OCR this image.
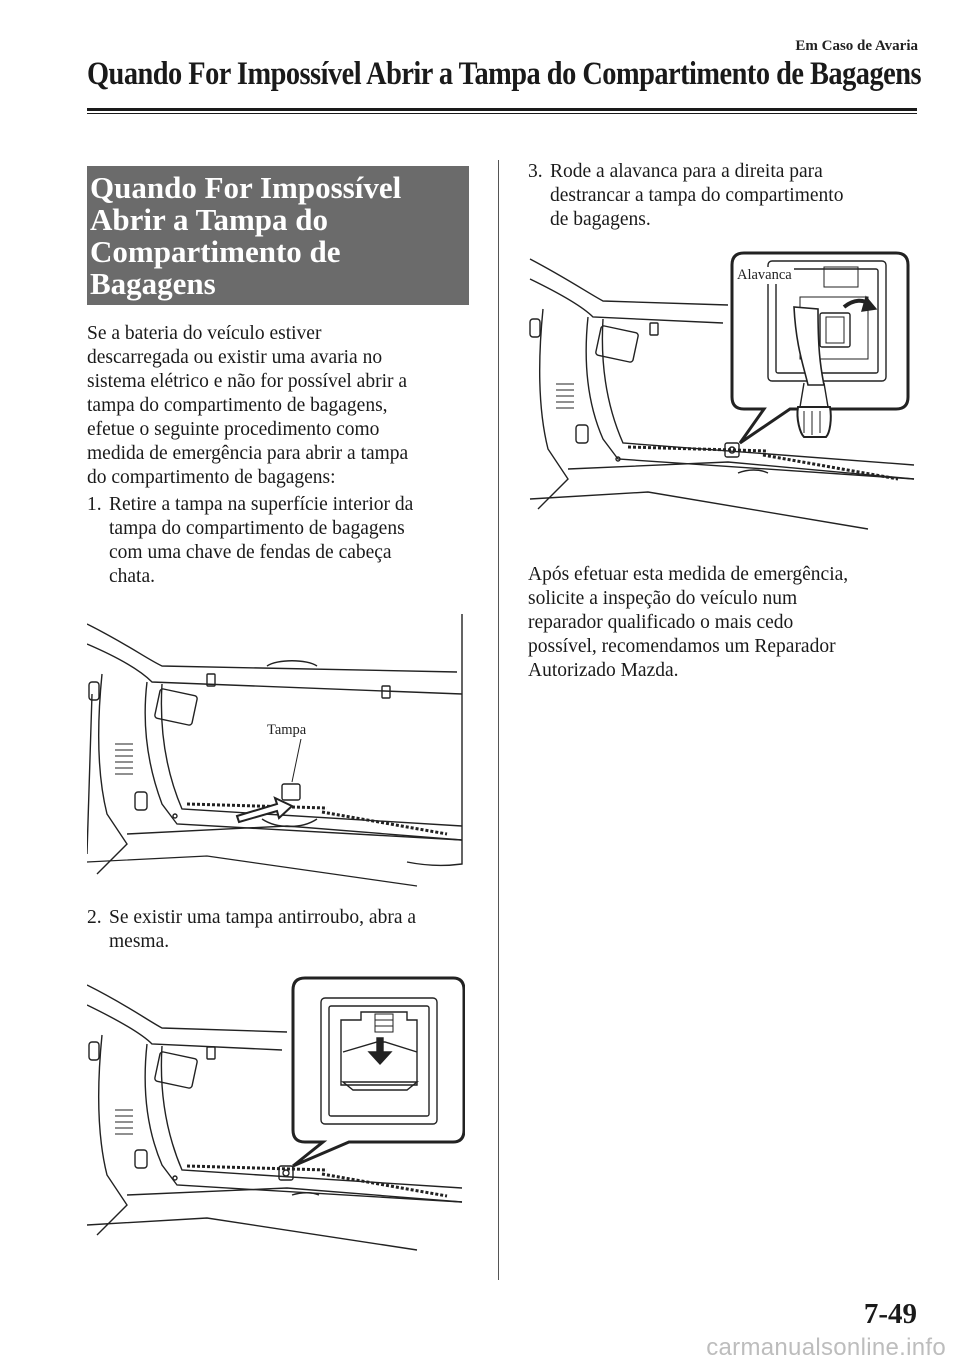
Em Caso de Avaria
Quando For Impossível Abrir a Tampa do Compartimento de Bagagens
Quando For Impossível
Abrir a Tampa do
Compartimento de
Bagagens

Se a bateria do veículo estiver
descarregada ou existir uma avaria no
sistema elétrico e não for possível abrir a
tampa do compartimento de bagagens,
efetue o seguinte procedimento como
medida de emergência para abrir a tampa
do compartimento de bagagens:

1. Retire a tampa na superfície interior da
tampa do compartimento de bagagens
com uma chave de fendas de cabeça
chata.
Tampa
2. Se existir uma tampa antirroubo, abra a
mesma.
3. Rode a alavanca para a direita para
destrancar a tampa do compartimento
de bagagens.
Alavanca

Após efetuar esta medida de emergência,
solicite a inspeção do veículo num
reparador qualificado o mais cedo
possível, recomendamos um Reparador
Autorizado Mazda.

7-49
carmanualsonline.info
